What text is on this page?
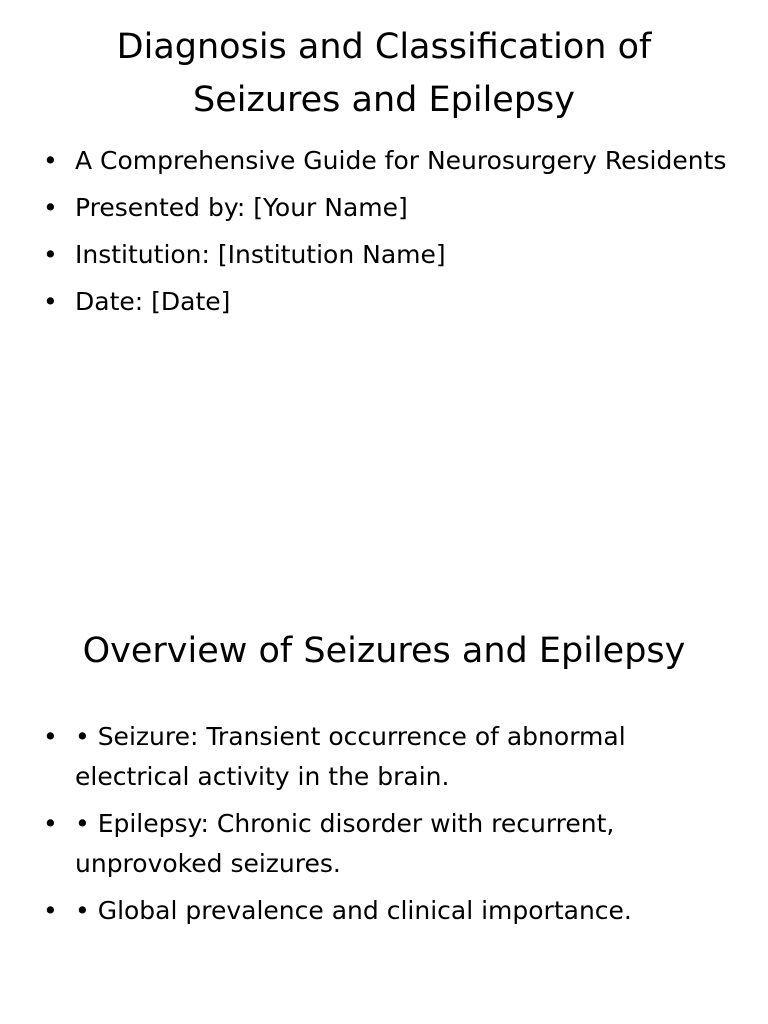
Diagnosis and Classification of
Seizures and Epilepsy
• A Comprehensive Guide for Neurosurgery Residents
• Presented by: [Your Name]
• Institution: [Institution Name]
• Date: [Date]
Overview of Seizures and Epilepsy
• • Seizure: Transient occurrence of abnormal electrical activity in the brain.
• • Epilepsy: Chronic disorder with recurrent, unprovoked seizures.
• • Global prevalence and clinical importance.
